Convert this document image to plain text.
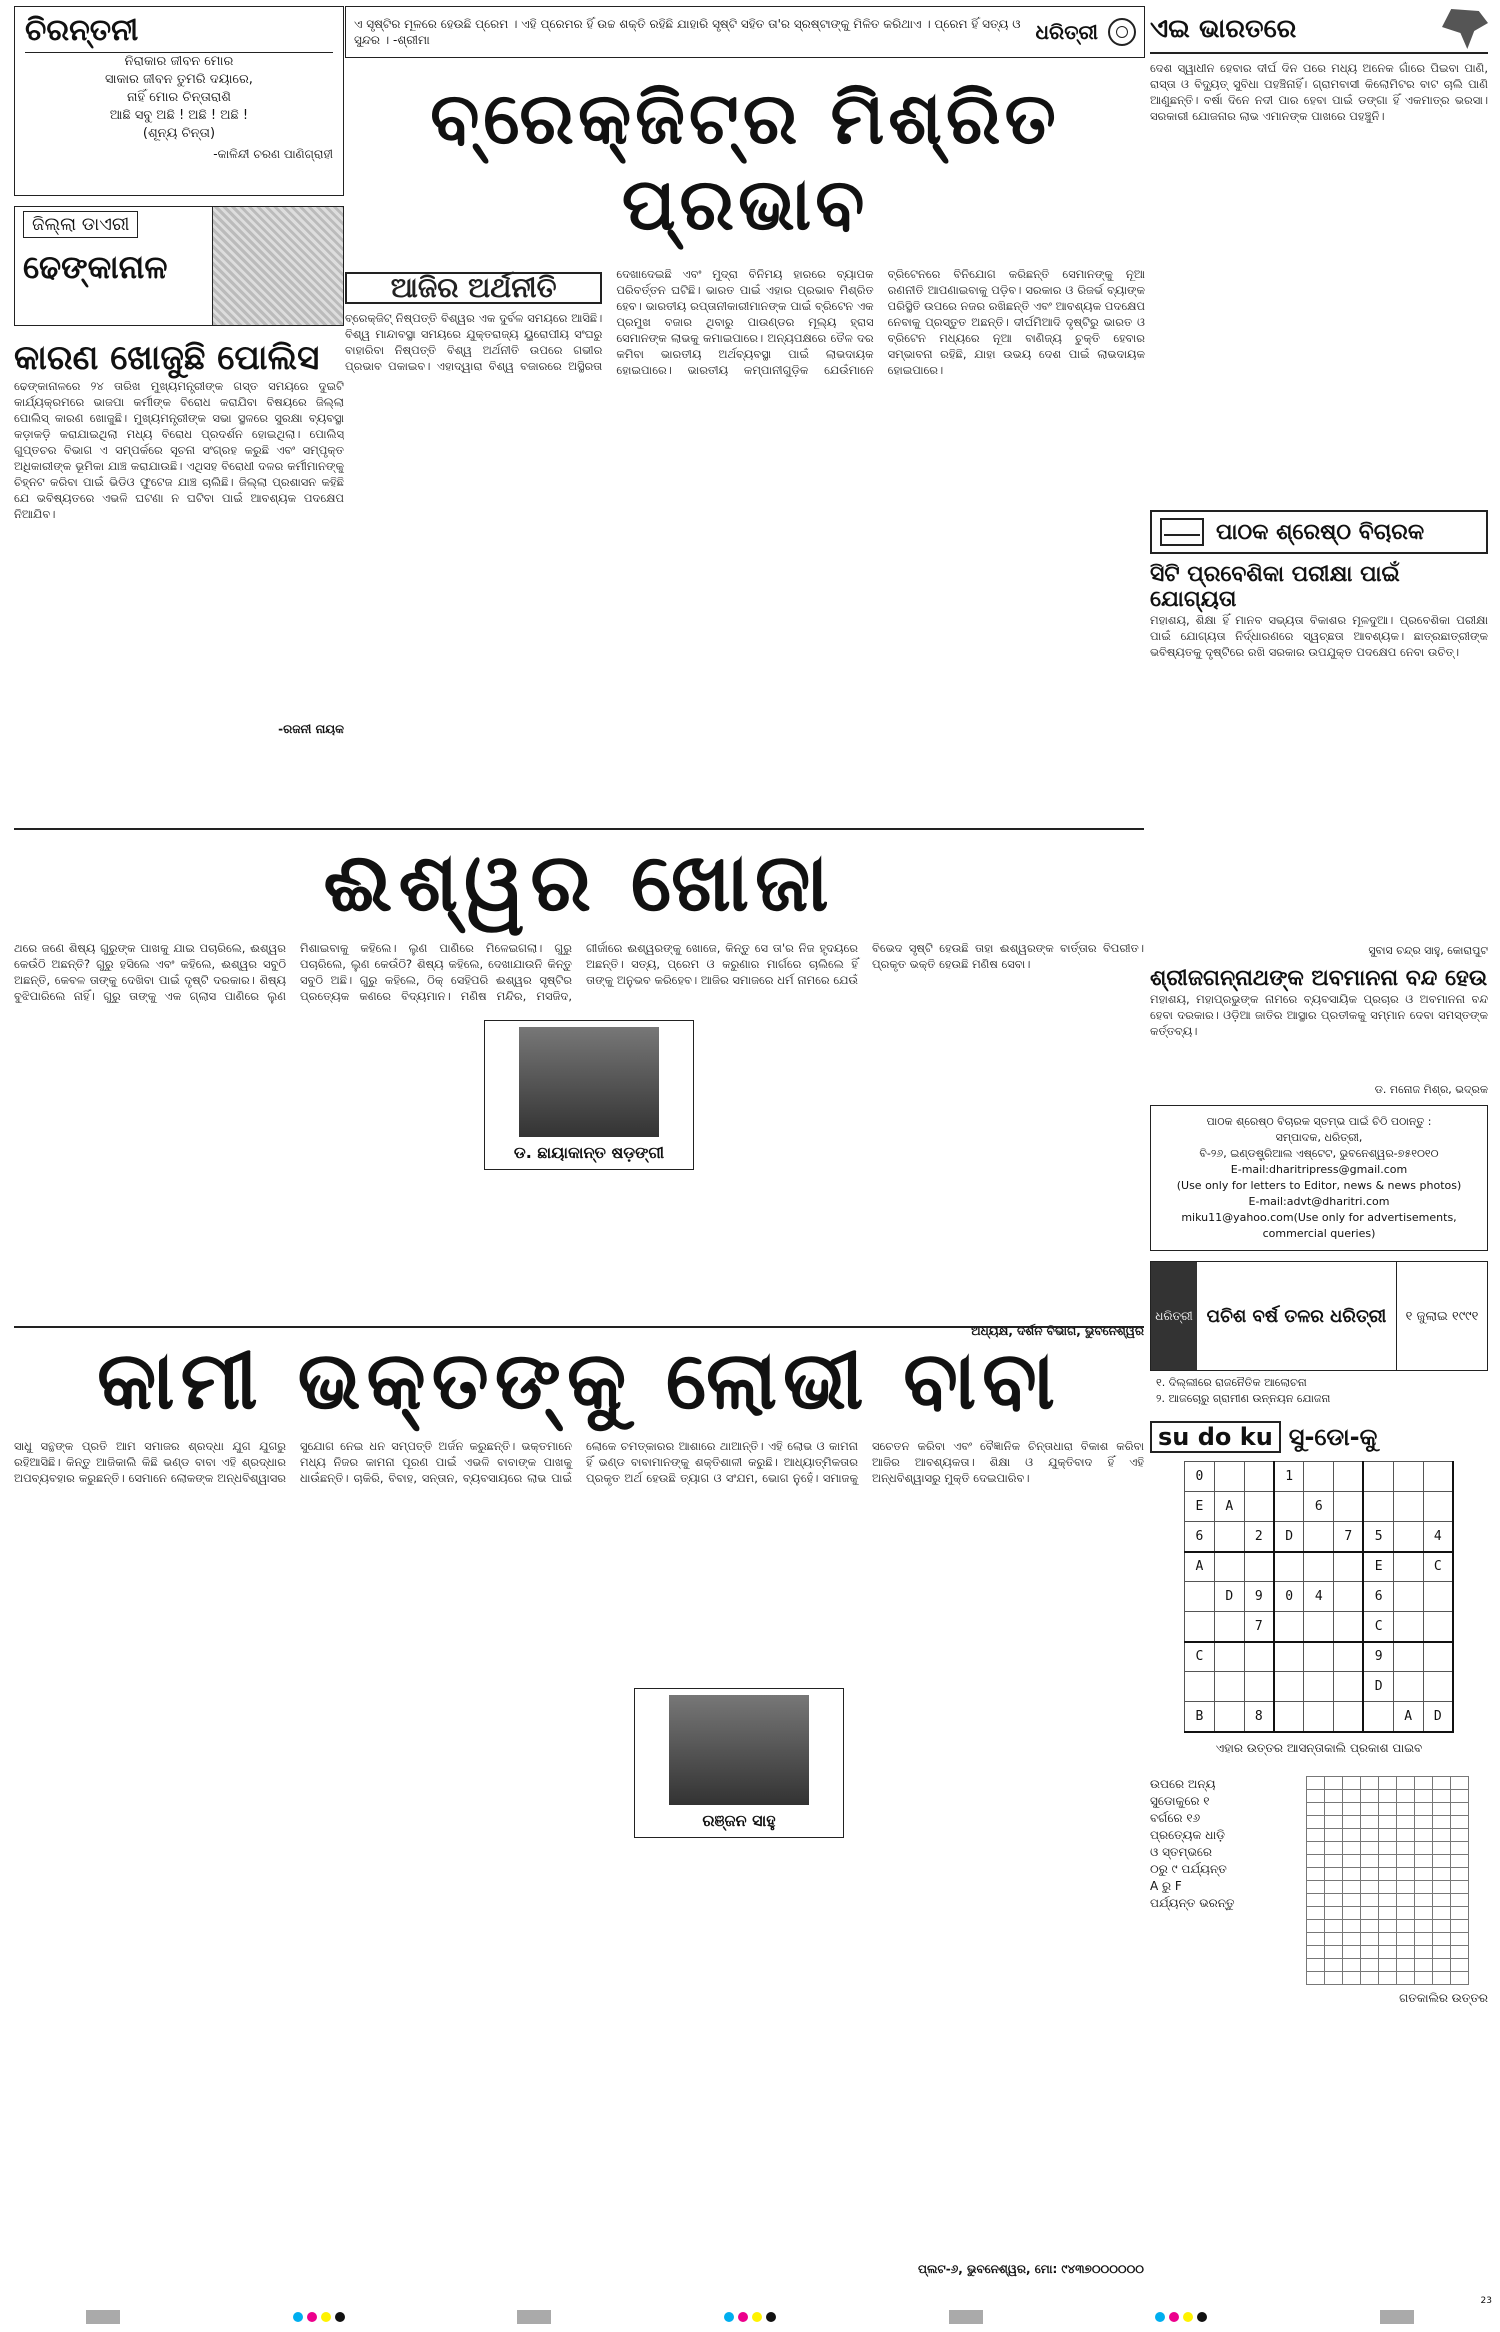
ଚିରନ୍ତନୀ
ନିରାକାର ଜୀବନ ମୋର
ସାକାର ଜୀବନ ତୁମରି ଦୟାରେ,
ନାହିଁ ମୋର ଚିନ୍ତାରାଶି
ଆଛି ସବୁ ଅଛି ! ଅଛି ! ଅଛି !
(ଶୂନ୍ୟ ଚିନ୍ତା)
-କାଳିନ୍ଦୀ ଚରଣ ପାଣିଗ୍ରାହୀ
ଜିଲ୍ଲା ଡାଏରୀ
ଢେଙ୍କାନାଳ
କାରଣ ଖୋଜୁଛି ପୋଲିସ
ଢେଙ୍କାନାଳରେ ୨୪ ତାରିଖ ମୁଖ୍ୟମନ୍ତ୍ରୀଙ୍କ ଗସ୍ତ ସମୟରେ ଦୁଇଟି କାର୍ଯ୍ୟକ୍ରମରେ ଭାଜପା କର୍ମୀଙ୍କ ବିରୋଧ କରାଯିବା ବିଷୟରେ ଜିଲ୍ଲା ପୋଲିସ୍ କାରଣ ଖୋଜୁଛି। ମୁଖ୍ୟମନ୍ତ୍ରୀଙ୍କ ସଭା ସ୍ଥଳରେ ସୁରକ୍ଷା ବ୍ୟବସ୍ଥା କଡ଼ାକଡ଼ି କରାଯାଇଥିଲା ମଧ୍ୟ ବିରୋଧ ପ୍ରଦର୍ଶନ ହୋଇଥିଲା। ପୋଲିସ୍ ଗୁପ୍ତଚର ବିଭାଗ ଏ ସମ୍ପର୍କରେ ସୂଚନା ସଂଗ୍ରହ କରୁଛି ଏବଂ ସମ୍ପୃକ୍ତ ଅଧିକାରୀଙ୍କ ଭୂମିକା ଯାଞ୍ଚ କରାଯାଉଛି। ଏଥିସହ ବିରୋଧୀ ଦଳର କର୍ମୀମାନଙ୍କୁ ଚିହ୍ନଟ କରିବା ପାଇଁ ଭିଡିଓ ଫୁଟେଜ ଯାଞ୍ଚ ଚାଲିଛି। ଜିଲ୍ଲା ପ୍ରଶାସନ କହିଛି ଯେ ଭବିଷ୍ୟତରେ ଏଭଳି ଘଟଣା ନ ଘଟିବା ପାଇଁ ଆବଶ୍ୟକ ପଦକ୍ଷେପ ନିଆଯିବ।
-ରଜନୀ ନାୟକ
ଏ ସୃଷ୍ଟିର ମୂଳରେ ହେଉଛି ପ୍ରେମ । ଏହି ପ୍ରେମର ହିଁ ଉଚ୍ଚ ଶକ୍ତି ରହିଛି ଯାହାରି ସୃଷ୍ଟି ସହିତ ତା'ର ସ୍ରଷ୍ଟାଙ୍କୁ ମିଳିତ କରିଥାଏ । ପ୍ରେମ ହିଁ ସତ୍ୟ ଓ ସୁନ୍ଦର । -ଶ୍ରୀମା	ଧରିତ୍ରୀ
ବ୍ରେକ୍‌ଜିଟ୍‌ର ମିଶ୍ରିତ ପ୍ରଭାବ
ଆଜିର ଅର୍ଥନୀତି
ବ୍ରେକ୍‌ଜିଟ୍ ନିଷ୍ପତ୍ତି ବିଶ୍ୱର ଏକ ଦୁର୍ବଳ ସମୟରେ ଆସିଛି। ବିଶ୍ୱ ମାନ୍ଦାବସ୍ଥା ସମୟରେ ଯୁକ୍ତରାଜ୍ୟ ୟୁରୋପୀୟ ସଂଘରୁ ବାହାରିବା ନିଷ୍ପତ୍ତି ବିଶ୍ୱ ଅର୍ଥନୀତି ଉପରେ ଗଭୀର ପ୍ରଭାବ ପକାଇବ। ଏହାଦ୍ୱାରା ବିଶ୍ୱ ବଜାରରେ ଅସ୍ଥିରତା ଦେଖାଦେଇଛି ଏବଂ ମୁଦ୍ରା ବିନିମୟ ହାରରେ ବ୍ୟାପକ ପରିବର୍ତ୍ତନ ଘଟିଛି। ଭାରତ ପାଇଁ ଏହାର ପ୍ରଭାବ ମିଶ୍ରିତ ହେବ। ଭାରତୀୟ ରପ୍ତାନୀକାରୀମାନଙ୍କ ପାଇଁ ବ୍ରିଟେନ ଏକ ପ୍ରମୁଖ ବଜାର ଥିବାରୁ ପାଉଣ୍ଡର ମୂଲ୍ୟ ହ୍ରାସ ସେମାନଙ୍କ ଲାଭକୁ କମାଇପାରେ। ଅନ୍ୟପକ୍ଷରେ ତୈଳ ଦର କମିବା ଭାରତୀୟ ଅର୍ଥବ୍ୟବସ୍ଥା ପାଇଁ ଲାଭଦାୟକ ହୋଇପାରେ। ଭାରତୀୟ କମ୍ପାନୀଗୁଡ଼ିକ ଯେଉଁମାନେ ବ୍ରିଟେନରେ ବିନିଯୋଗ କରିଛନ୍ତି ସେମାନଙ୍କୁ ନୂଆ ରଣନୀତି ଆପଣାଇବାକୁ ପଡ଼ିବ। ସରକାର ଓ ରିଜର୍ଭ ବ୍ୟାଙ୍କ ପରିସ୍ଥିତି ଉପରେ ନଜର ରଖିଛନ୍ତି ଏବଂ ଆବଶ୍ୟକ ପଦକ୍ଷେପ ନେବାକୁ ପ୍ରସ୍ତୁତ ଅଛନ୍ତି। ଦୀର୍ଘମିଆଦି ଦୃଷ୍ଟିରୁ ଭାରତ ଓ ବ୍ରିଟେନ ମଧ୍ୟରେ ନୂଆ ବାଣିଜ୍ୟ ଚୁକ୍ତି ହେବାର ସମ୍ଭାବନା ରହିଛି, ଯାହା ଉଭୟ ଦେଶ ପାଇଁ ଲାଭଦାୟକ ହୋଇପାରେ।
ଏଇ ଭାରତରେ
ଦେଶ ସ୍ୱାଧୀନ ହେବାର ଦୀର୍ଘ ଦିନ ପରେ ମଧ୍ୟ ଅନେକ ଗାଁରେ ପିଇବା ପାଣି, ରାସ୍ତା ଓ ବିଦ୍ୟୁତ୍ ସୁବିଧା ପହଞ୍ଚିନାହିଁ। ଗ୍ରାମବାସୀ କିଲୋମିଟର ବାଟ ଚାଲି ପାଣି ଆଣୁଛନ୍ତି। ବର୍ଷା ଦିନେ ନଦୀ ପାର ହେବା ପାଇଁ ଡଙ୍ଗା ହିଁ ଏକମାତ୍ର ଭରସା। ସରକାରୀ ଯୋଜନାର ଲାଭ ଏମାନଙ୍କ ପାଖରେ ପହଞ୍ଚୁନି।
ପାଠକ ଶ୍ରେଷ୍ଠ ବିଚାରକ
ସିଟି ପ୍ରବେଶିକା ପରୀକ୍ଷା ପାଇଁ ଯୋଗ୍ୟତା
ମହାଶୟ, ଶିକ୍ଷା ହିଁ ମାନବ ସଭ୍ୟତା ବିକାଶର ମୂଳଦୁଆ। ପ୍ରବେଶିକା ପରୀକ୍ଷା ପାଇଁ ଯୋଗ୍ୟତା ନିର୍ଦ୍ଧାରଣରେ ସ୍ୱଚ୍ଛତା ଆବଶ୍ୟକ। ଛାତ୍ରଛାତ୍ରୀଙ୍କ ଭବିଷ୍ୟତକୁ ଦୃଷ୍ଟିରେ ରଖି ସରକାର ଉପଯୁକ୍ତ ପଦକ୍ଷେପ ନେବା ଉଚିତ୍।
ସୁବାସ ଚନ୍ଦ୍ର ସାହୁ, କୋରାପୁଟ
ଶ୍ରୀଜଗନ୍ନାଥଙ୍କ ଅବମାନନା ବନ୍ଦ ହେଉ
ମହାଶୟ, ମହାପ୍ରଭୁଙ୍କ ନାମରେ ବ୍ୟବସାୟିକ ପ୍ରଚାର ଓ ଅବମାନନା ବନ୍ଦ ହେବା ଦରକାର। ଓଡ଼ିଆ ଜାତିର ଆସ୍ଥାର ପ୍ରତୀକକୁ ସମ୍ମାନ ଦେବା ସମସ୍ତଙ୍କ କର୍ତ୍ତବ୍ୟ।
ଡ. ମନୋଜ ମିଶ୍ର, ଭଦ୍ରକ
ପାଠକ ଶ୍ରେଷ୍ଠ ବିଚାରକ ସ୍ତମ୍ଭ ପାଇଁ ଚିଠି ପଠାନ୍ତୁ :
ସମ୍ପାଦକ, ଧରିତ୍ରୀ,
ବି-୨୬, ଇଣ୍ଡଷ୍ଟ୍ରିଆଲ ଏଷ୍ଟେଟ, ଭୁବନେଶ୍ୱର-୭୫୧୦୧୦
E-mail:dharitripress@gmail.com
(Use only for letters to Editor, news & news photos)
E-mail:advt@dharitri.com
miku11@yahoo.com(Use only for advertisements, commercial queries)
ଧରିତ୍ରୀ ପଚିଶ ବର୍ଷ ତଳର ଧରିତ୍ରୀ	୧ ଜୁଲାଇ ୧୯୯୧
୧. ଦିଲ୍ଲୀରେ ରାଜନୈତିକ ଆଲୋଚନା
୨. ଆଜଚୋରୁ ଗ୍ରାମୀଣ ଉନ୍ନୟନ ଯୋଜନା
su do ku ସୁ-ଡୋ-କୁ
0			1					
E	A			6				
6		2	D		7	5		4
A						E		C
	D	9	0	4		6		
		7				C		
C						9		
						D		
B		8					A	D
ଏହାର ଉତ୍ତର ଆସନ୍ତାକାଲି ପ୍ରକାଶ ପାଇବ
ଉପରେ ଅନ୍ୟ
ସୁଡୋକୁରେ ୧
ବର୍ଗରେ ୧୬
ପ୍ରତ୍ୟେକ ଧାଡ଼ି
ଓ ସ୍ତମ୍ଭରେ
୦ରୁ ୯ ପର୍ଯ୍ୟନ୍ତ
A ରୁ F
ପର୍ଯ୍ୟନ୍ତ ଭରନ୍ତୁ

ଗତକାଲିର ଉତ୍ତର
ଈଶ୍ୱର ଖୋଜା
ଥରେ ଜଣେ ଶିଷ୍ୟ ଗୁରୁଙ୍କ ପାଖକୁ ଯାଇ ପଚାରିଲେ, ଈଶ୍ୱର କେଉଁଠି ଅଛନ୍ତି? ଗୁରୁ ହସିଲେ ଏବଂ କହିଲେ, ଈଶ୍ୱର ସବୁଠି ଅଛନ୍ତି, କେବଳ ତାଙ୍କୁ ଦେଖିବା ପାଇଁ ଦୃଷ୍ଟି ଦରକାର। ଶିଷ୍ୟ ବୁଝିପାରିଲେ ନାହିଁ। ଗୁରୁ ତାଙ୍କୁ ଏକ ଗ୍ଲାସ ପାଣିରେ ଲୁଣ ମିଶାଇବାକୁ କହିଲେ। ଲୁଣ ପାଣିରେ ମିଳେଇଗଲା। ଗୁରୁ ପଚାରିଲେ, ଲୁଣ କେଉଁଠି? ଶିଷ୍ୟ କହିଲେ, ଦେଖାଯାଉନି କିନ୍ତୁ ସବୁଠି ଅଛି। ଗୁରୁ କହିଲେ, ଠିକ୍ ସେହିପରି ଈଶ୍ୱର ସୃଷ୍ଟିର ପ୍ରତ୍ୟେକ କଣରେ ବିଦ୍ୟମାନ। ମଣିଷ ମନ୍ଦିର, ମସଜିଦ, ଗୀର୍ଜାରେ ଈଶ୍ୱରଙ୍କୁ ଖୋଜେ, କିନ୍ତୁ ସେ ତା'ର ନିଜ ହୃଦୟରେ ଅଛନ୍ତି। ସତ୍ୟ, ପ୍ରେମ ଓ କରୁଣାର ମାର୍ଗରେ ଚାଲିଲେ ହିଁ ତାଙ୍କୁ ଅନୁଭବ କରିହେବ। ଆଜିର ସମାଜରେ ଧର୍ମ ନାମରେ ଯେଉଁ ବିଭେଦ ସୃଷ୍ଟି ହେଉଛି ତାହା ଈଶ୍ୱରଙ୍କ ବାର୍ତ୍ତାର ବିପରୀତ। ପ୍ରକୃତ ଭକ୍ତି ହେଉଛି ମଣିଷ ସେବା।
ଡ. ଛାୟାକାନ୍ତ ଷଡ଼ଙ୍ଗୀ
ଅଧ୍ୟକ୍ଷ, ଦର୍ଶନ ବିଭାଗ, ଭୁବନେଶ୍ୱର
କାମୀ ଭକ୍ତଙ୍କୁ ଲୋଭୀ ବାବା
ସାଧୁ ସନ୍ଥଙ୍କ ପ୍ରତି ଆମ ସମାଜର ଶ୍ରଦ୍ଧା ଯୁଗ ଯୁଗରୁ ରହିଆସିଛି। କିନ୍ତୁ ଆଜିକାଲି କିଛି ଭଣ୍ଡ ବାବା ଏହି ଶ୍ରଦ୍ଧାର ଅପବ୍ୟବହାର କରୁଛନ୍ତି। ସେମାନେ ଲୋକଙ୍କ ଅନ୍ଧବିଶ୍ୱାସର ସୁଯୋଗ ନେଇ ଧନ ସମ୍ପତ୍ତି ଅର୍ଜନ କରୁଛନ୍ତି। ଭକ୍ତମାନେ ମଧ୍ୟ ନିଜର କାମନା ପୂରଣ ପାଇଁ ଏଭଳି ବାବାଙ୍କ ପାଖକୁ ଧାଉଁଛନ୍ତି। ଚାକିରି, ବିବାହ, ସନ୍ତାନ, ବ୍ୟବସାୟରେ ଲାଭ ପାଇଁ ଲୋକେ ଚମତ୍କାରର ଆଶାରେ ଥାଆନ୍ତି। ଏହି ଲୋଭ ଓ କାମନା ହିଁ ଭଣ୍ଡ ବାବାମାନଙ୍କୁ ଶକ୍ତିଶାଳୀ କରୁଛି। ଆଧ୍ୟାତ୍ମିକତାର ପ୍ରକୃତ ଅର୍ଥ ହେଉଛି ତ୍ୟାଗ ଓ ସଂଯମ, ଭୋଗ ନୁହେଁ। ସମାଜକୁ ସଚେତନ କରିବା ଏବଂ ବୈଜ୍ଞାନିକ ଚିନ୍ତାଧାରା ବିକାଶ କରିବା ଆଜିର ଆବଶ୍ୟକତା। ଶିକ୍ଷା ଓ ଯୁକ୍ତିବାଦ ହିଁ ଏହି ଅନ୍ଧବିଶ୍ୱାସରୁ ମୁକ୍ତି ଦେଇପାରିବ।
ରଞ୍ଜନ ସାହୁ
ପ୍ଲଟ-୬, ଭୁବନେଶ୍ୱର, ମୋ: ୯୪୩୭୦୦୦୦୦୦
23
